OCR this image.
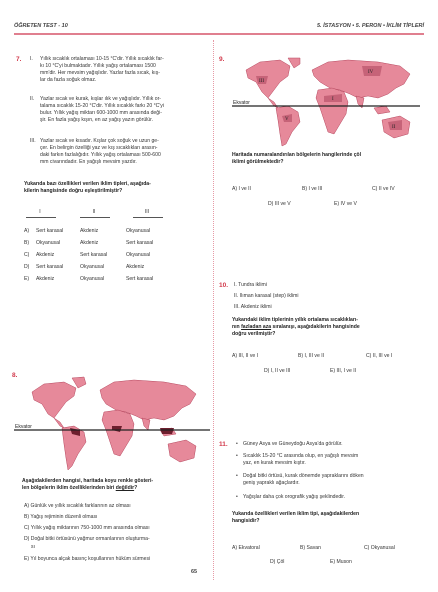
ÖĞRETEN TEST - 10	5. İSTASYON • 5. PERON • İKLİM TİPLERİ
7. I. Yıllık sıcaklık ortalaması 10-15 °C'dir. Yıllık sıcaklık far-
kı 10 °C'yi bulmaktadır. Yıllık yağış ortalaması 1500
mm'dir. Her mevsim yağışlıdır. Yazlar fazla sıcak, kış-
lar da fazla soğuk olmaz.
II. Yazlar sıcak ve kurak, kışlar ılık ve yağışlıdır. Yıllık or-
talama sıcaklık 15-20 °C'dir. Yıllık sıcaklık farkı 20 °C'yi
bulur. Yıllık yağış miktarı 600-1000 mm arasında deği-
şir. En fazla yağış kışın, en az yağış yazın görülür.
III. Yazlar sıcak ve kısadır. Kışlar çok soğuk ve uzun ge-
çer. En belirgin özelliği yaz ve kış sıcaklıkları arasın-
daki farkın fazlalığıdır. Yıllık yağış ortalaması 500-600
mm civarındadır. En yağışlı mevsim yazdır.
Yukarıda bazı özellikleri verilen iklim tipleri, aşağıda-
kilerin hangisinde doğru eşleştirilmiştir?
I	II	III
A) Sert karasal	Akdeniz	Okyanusal
B) Okyanusal	Akdeniz	Sert karasal
C) Akdeniz	Sert karasal	Okyanusal
D) Sert karasal	Okyanusal	Akdeniz
E) Akdeniz	Okyanusal	Sert karasal
8.
Ekvator
Aşağıdakilerden hangisi, haritada koyu renkle gösteri-
len bölgelerin iklim özelliklerinden biri değildir?
A) Günlük ve yıllık sıcaklık farklarının az olması
B) Yağış rejiminin düzenli olması
C) Yıllık yağış miktarının 750-1000 mm arasında olması
D) Doğal bitki örtüsünü yağmur ormanlarının oluşturma-
sı
E) Yıl boyunca alçak basınç koşullarının hüküm sürmesi
9.
Ekvator
I
II
III
IV
V
Haritada numaralandırılan bölgelerin hangilerinde çöl
iklimi görülmektedir?
A) I ve II	B) I ve III	C) II ve IV
D) III ve V	E) IV ve V
10. I. Tundra iklimi
II. Ilıman karasal (step) iklimi
III. Akdeniz iklimi
Yukarıdaki iklim tiplerinin yıllık ortalama sıcaklıkları-
nın fazladan aza sıralanışı, aşağıdakilerin hangisinde
doğru verilmiştir?
A) III, II ve I	B) I, III ve II	C) II, III ve I
D) I, II ve III	E) III, I ve II
11. • Güney Asya ve Güneydoğu Asya'da görülür.
• Sıcaklık 15-20 °C arasında olup, en yağışlı mevsim
yaz, en kurak mevsim kıştır.
• Doğal bitki örtüsü, kurak dönemde yapraklarını döken
geniş yapraklı ağaçlardır.
• Yağışlar daha çok orografik yağış şeklindedir.
Yukarıda özellikleri verilen iklim tipi, aşağıdakilerden
hangisidir?
A) Ekvatoral	B) Savan	C) Okyanusal
D) Çöl	E) Muson
65
